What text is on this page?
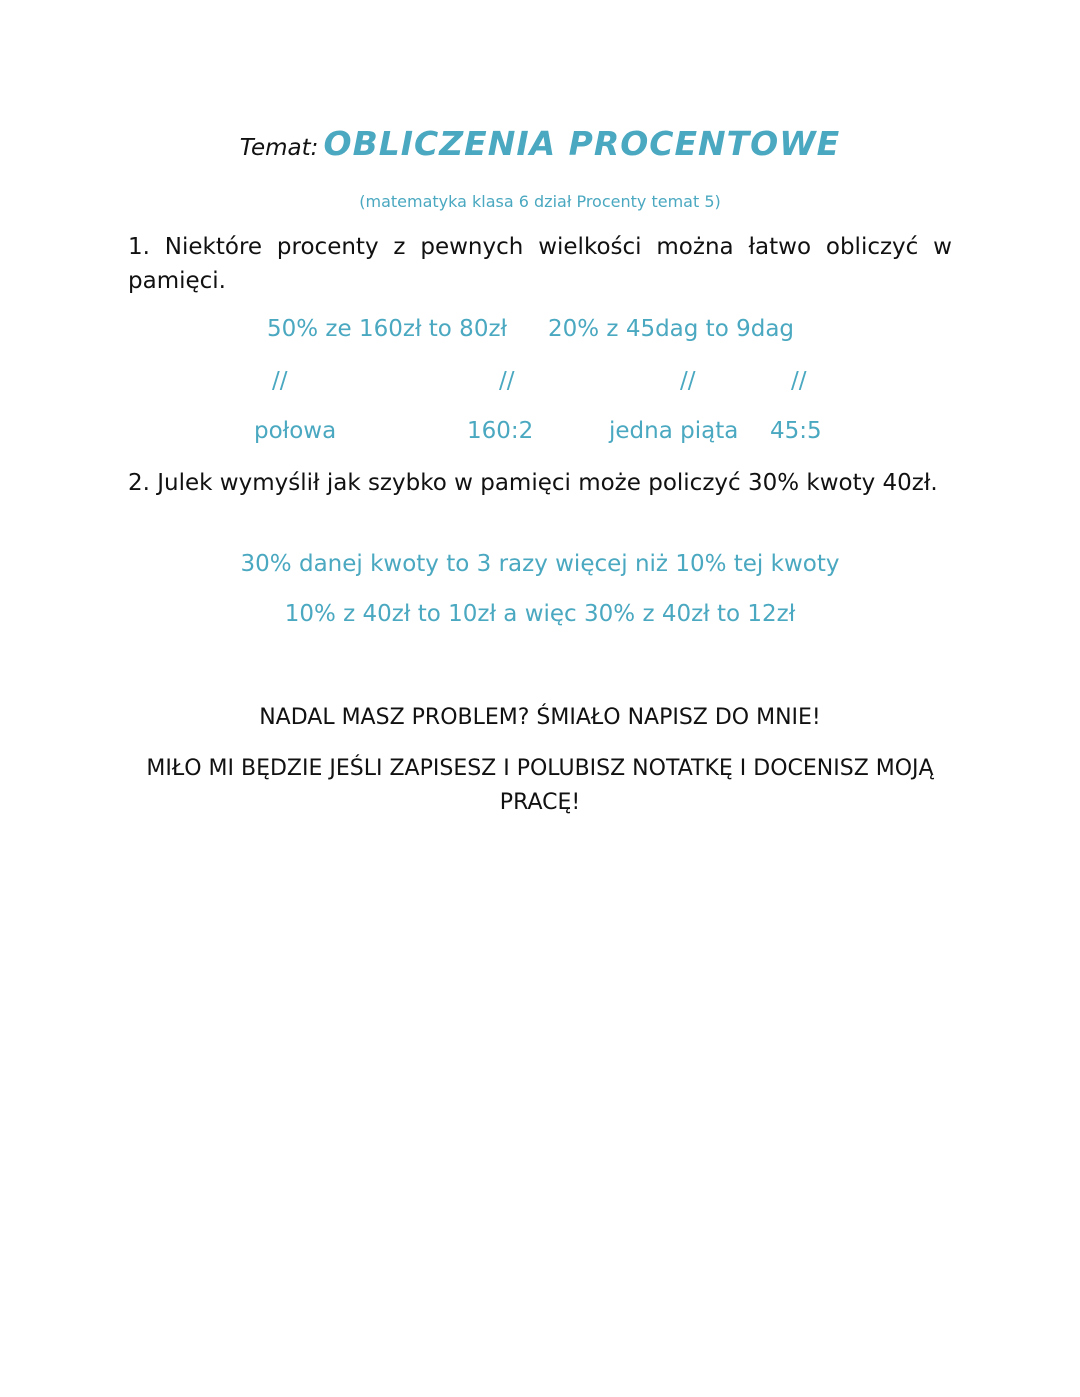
Temat: OBLICZENIA PROCENTOWE
(matematyka klasa 6 dział Procenty temat 5)
1. Niektóre procenty z pewnych wielkości można łatwo obliczyć w pamięci.
50% ze 160zł to 80zł 20% z 45dag to 9dag
//	//	//	//
połowa	160:2	jedna piąta 45:5
2. Julek wymyślił jak szybko w pamięci może policzyć 30% kwoty 40zł.
30% danej kwoty to 3 razy więcej niż 10% tej kwoty
10% z 40zł to 10zł a więc 30% z 40zł to 12zł
NADAL MASZ PROBLEM? ŚMIAŁO NAPISZ DO MNIE!
MIŁO MI BĘDZIE JEŚLI ZAPISESZ I POLUBISZ NOTATKĘ I DOCENISZ MOJĄ PRACĘ!
